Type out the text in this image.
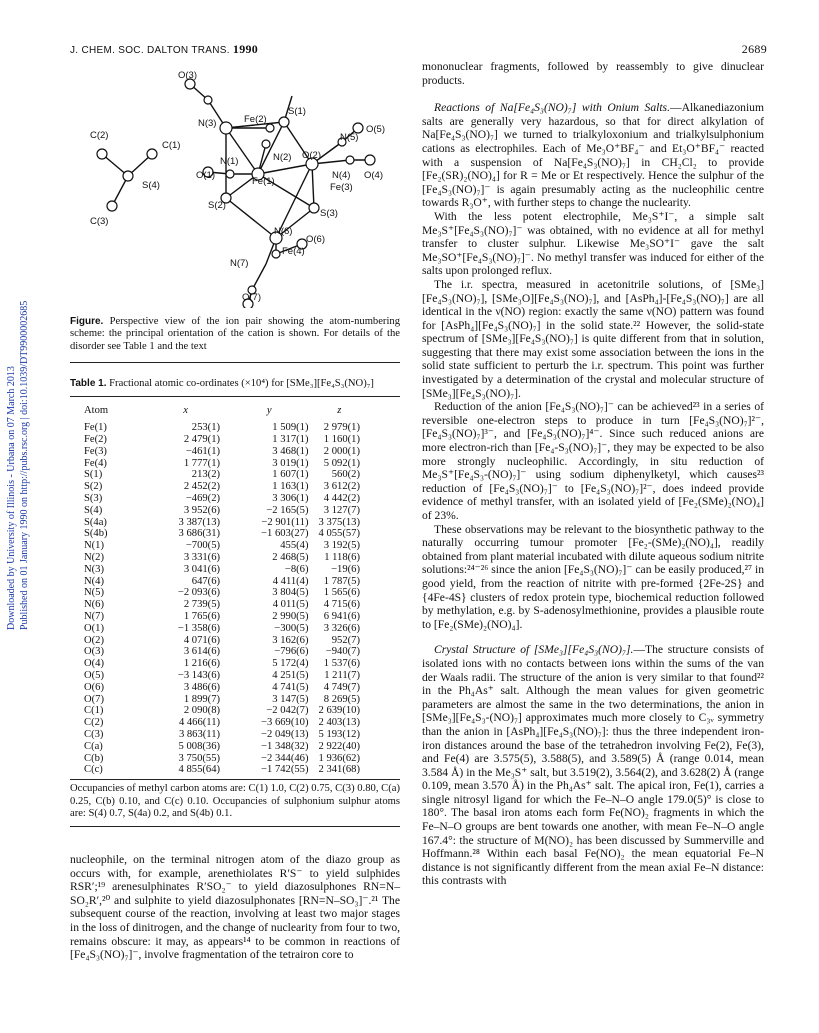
J. CHEM. SOC. DALTON TRANS. 1990	2689
Downloaded by University of Illinois - Urbana on 07 March 2013 Published on 01 January 1990 on http://pubs.rsc.org | doi:10.1039/DT9900002685
O(3)
N(3)	Fe(2)
S(1)
O(5)
C(2)
C(1)
N(5)
N(1)	N(2) O(2)
O(1)	N(4) O(4)
S(4)	Fe(1)
Fe(3)
S(2)
S(3)
C(3)
N(6)
O(6)
Fe(4)
N(7)
O(7)
Figure. Perspective view of the ion pair showing the atom-numbering scheme: the principal orientation of the cation is shown. For details of the disorder see Table 1 and the text
Table 1. Fractional atomic co-ordinates (×10⁴) for [SMe₃][Fe₄S₃(NO)₇]
Atom	x	y	z

Fe(1)	253(1)	1 509(1)	2 979(1)
Fe(2)	2 479(1)	1 317(1)	1 160(1)
Fe(3)	−461(1)	3 468(1)	2 000(1)
Fe(4)	1 777(1)	3 019(1)	5 092(1)
S(1)	213(2)	1 607(1)	560(2)
S(2)	2 452(2)	1 163(1)	3 612(2)
S(3)	−469(2)	3 306(1)	4 442(2)
S(4)	3 952(6)	−2 165(5)	3 127(7)
S(4a)	3 387(13)	−2 901(11)	3 375(13)
S(4b)	3 686(31)	−1 603(27)	4 055(57)
N(1)	−700(5)	455(4)	3 192(5)
N(2)	3 331(6)	2 468(5)	1 118(6)
N(3)	3 041(6)	−8(6)	−19(6)
N(4)	647(6)	4 411(4)	1 787(5)
N(5)	−2 093(6)	3 804(5)	1 565(6)
N(6)	2 739(5)	4 011(5)	4 715(6)
N(7)	1 765(6)	2 990(5)	6 941(6)
O(1)	−1 358(6)	−300(5)	3 326(6)
O(2)	4 071(6)	3 162(6)	952(7)
O(3)	3 614(6)	−796(6)	−940(7)
O(4)	1 216(6)	5 172(4)	1 537(6)
O(5)	−3 143(6)	4 251(5)	1 211(7)
O(6)	3 486(6)	4 741(5)	4 749(7)
O(7)	1 899(7)	3 147(5)	8 269(5)
C(1)	2 090(8)	−2 042(7)	2 639(10)
C(2)	4 466(11)	−3 669(10)	2 403(13)
C(3)	3 863(11)	−2 049(13)	5 193(12)
C(a)	5 008(36)	−1 348(32)	2 922(40)
C(b)	3 750(55)	−2 344(46)	1 936(62)
C(c)	4 855(64)	−1 742(55)	2 341(68)
Occupancies of methyl carbon atoms are: C(1) 1.0, C(2) 0.75, C(3) 0.80, C(a) 0.25, C(b) 0.10, and C(c) 0.10. Occupancies of sulphonium sulphur atoms are: S(4) 0.7, S(4a) 0.2, and S(4b) 0.1.

nucleophile, on the terminal nitrogen atom of the diazo group as occurs with, for example, arenethiolates R′S⁻ to yield sulphides RSR′;¹⁹ arenesulphinates R′SO₂⁻ to yield diazosulphones RN=N–SO₂R′,²⁰ and sulphite to yield diazosulphonates [RN=N–SO₃]⁻.²¹ The subsequent course of the reaction, involving at least two major stages in the loss of dinitrogen, and the change of nuclearity from four to two, remains obscure: it may, as appears¹⁴ to be common in reactions of [Fe₄S₃(NO)₇]⁻, involve fragmentation of the tetrairon core to

mononuclear fragments, followed by reassembly to give dinuclear products.

Reactions of Na[Fe₄S₃(NO)₇] with Onium Salts.—Alkanediazonium salts are generally very hazardous, so that for direct alkylation of Na[Fe₄S₃(NO)₇] we turned to trialkyloxonium and trialkylsulphonium cations as electrophiles. Each of Me₃O⁺BF₄⁻ and Et₃O⁺BF₄⁻ reacted with a suspension of Na[Fe₄S₃(NO)₇] in CH₂Cl₂ to provide [Fe₂(SR)₂(NO)₄] for R = Me or Et respectively. Hence the sulphur of the [Fe₄S₃(NO)₇]⁻ is again presumably acting as the nucleophilic centre towards R₃O⁺, with further steps to change the nuclearity.

With the less potent electrophile, Me₃S⁺I⁻, a simple salt Me₃S⁺[Fe₄S₃(NO)₇]⁻ was obtained, with no evidence at all for methyl transfer to cluster sulphur. Likewise Me₃SO⁺I⁻ gave the salt Me₃SO⁺[Fe₄S₃(NO)₇]⁻. No methyl transfer was induced for either of the salts upon prolonged reflux.

The i.r. spectra, measured in acetonitrile solutions, of [SMe₃][Fe₄S₃(NO)₇], [SMe₃O][Fe₄S₃(NO)₇], and [AsPh₄]-[Fe₄S₃(NO)₇] are all identical in the ν(NO) region: exactly the same ν(NO) pattern was found for [AsPh₄][Fe₄S₃(NO)₇] in the solid state.²² However, the solid-state spectrum of [SMe₃][Fe₄S₃(NO)₇] is quite different from that in solution, suggesting that there may exist some association between the ions in the solid state sufficient to perturb the i.r. spectrum. This point was further investigated by a determination of the crystal and molecular structure of [SMe₃][Fe₄S₃(NO)₇].

Reduction of the anion [Fe₄S₃(NO)₇]⁻ can be achieved²³ in a series of reversible one-electron steps to produce in turn [Fe₄S₃(NO)₇]²⁻, [Fe₄S₃(NO)₇]³⁻, and [Fe₄S₃(NO)₇]⁴⁻. Since such reduced anions are more electron-rich than [Fe₄-S₃(NO)₇]⁻, they may be expected to be also more strongly nucleophilic. Accordingly, in situ reduction of Me₃S⁺[Fe₄S₃-(NO)₇]⁻ using sodium diphenylketyl, which causes²³ reduction of [Fe₄S₃(NO)₇]⁻ to [Fe₄S₃(NO)₇]²⁻, does indeed provide evidence of methyl transfer, with an isolated yield of [Fe₂(SMe)₂(NO)₄] of 23%.

These observations may be relevant to the biosynthetic pathway to the naturally occurring tumour promoter [Fe₂-(SMe)₂(NO)₄], readily obtained from plant material incubated with dilute aqueous sodium nitrite solutions:²⁴⁻²⁶ since the anion [Fe₄S₃(NO)₇]⁻ can be easily produced,²⁷ in good yield, from the reaction of nitrite with pre-formed {2Fe-2S} and {4Fe-4S} clusters of redox protein type, biochemical reduction followed by methylation, e.g. by S-adenosylmethionine, provides a plausible route to [Fe₂(SMe)₂(NO)₄].

Crystal Structure of [SMe₃][Fe₄S₃(NO)₇].—The structure consists of isolated ions with no contacts between ions within the sums of the van der Waals radii. The structure of the anion is very similar to that found²² in the Ph₄As⁺ salt. Although the mean values for given geometric parameters are almost the same in the two determinations, the anion in [SMe₃][Fe₄S₃-(NO)₇] approximates much more closely to C₃ᵥ symmetry than the anion in [AsPh₄][Fe₄S₃(NO)₇]: thus the three independent iron-iron distances around the base of the tetrahedron involving Fe(2), Fe(3), and Fe(4) are 3.575(5), 3.588(5), and 3.589(5) Å (range 0.014, mean 3.584 Å) in the Me₃S⁺ salt, but 3.519(2), 3.564(2), and 3.628(2) Å (range 0.109, mean 3.570 Å) in the Ph₄As⁺ salt. The apical iron, Fe(1), carries a single nitrosyl ligand for which the Fe–N–O angle 179.0(5)° is close to 180°. The basal iron atoms each form Fe(NO)₂ fragments in which the Fe–N–O groups are bent towards one another, with mean Fe–N–O angle 167.4°: the structure of M(NO)₂ has been discussed by Summerville and Hoffmann.²⁸ Within each basal Fe(NO)₂ the mean equatorial Fe–N distance is not significantly different from the mean axial Fe–N distance: this contrasts with
